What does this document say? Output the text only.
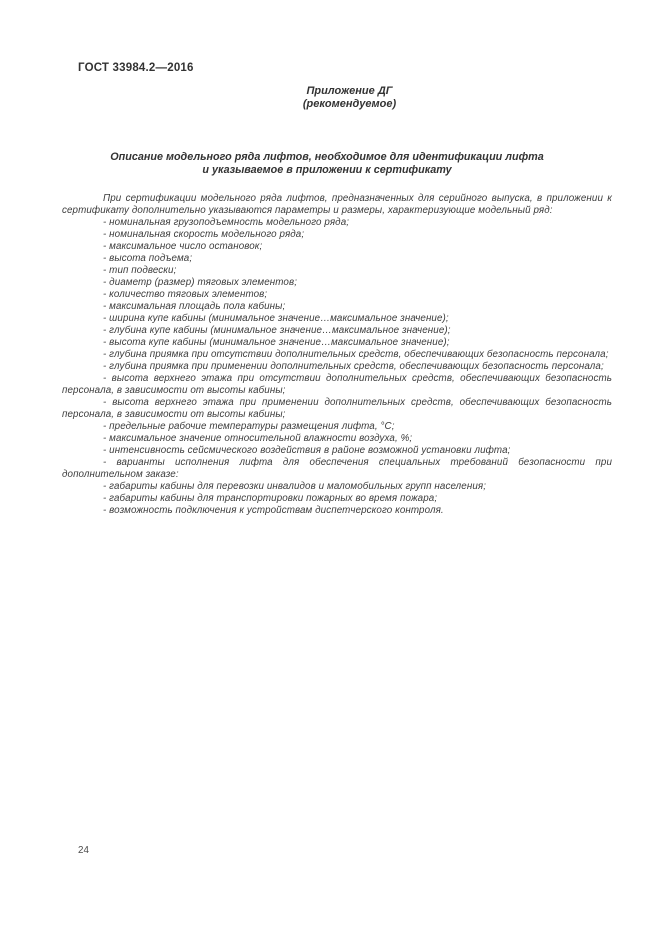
ГОСТ 33984.2—2016
Приложение ДГ
(рекомендуемое)
Описание модельного ряда лифтов, необходимое для идентификации лифта
и указываемое в приложении к сертификату

При сертификации модельного ряда лифтов, предназначенных для серийного выпуска, в приложении к сертификату дополнительно указываются параметры и размеры, характеризующие модельный ряд:

- номинальная грузоподъемность модельного ряда;

- номинальная скорость модельного ряда;

- максимальное число остановок;

- высота подъема;

- тип подвески;

- диаметр (размер) тяговых элементов;

- количество тяговых элементов;

- максимальная площадь пола кабины;

- ширина купе кабины (минимальное значение…максимальное значение);

- глубина купе кабины (минимальное значение…максимальное значение);

- высота купе кабины (минимальное значение…максимальное значение);

- глубина приямка при отсутствии дополнительных средств, обеспечивающих безопасность персонала;

- глубина приямка при применении дополнительных средств, обеспечивающих безопасность персонала;

- высота верхнего этажа при отсутствии дополнительных средств, обеспечивающих безопасность персонала, в зависимости от высоты кабины;

- высота верхнего этажа при применении дополнительных средств, обеспечивающих безопасность персонала, в зависимости от высоты кабины;

- предельные рабочие температуры размещения лифта, °С;

- максимальное значение относительной влажности воздуха, %;

- интенсивность сейсмического воздействия в районе возможной установки лифта;

- варианты исполнения лифта для обеспечения специальных требований безопасности при дополнительном заказе:

- габариты кабины для перевозки инвалидов и маломобильных групп населения;

- габариты кабины для транспортировки пожарных во время пожара;

- возможность подключения к устройствам диспетчерского контроля.

24
